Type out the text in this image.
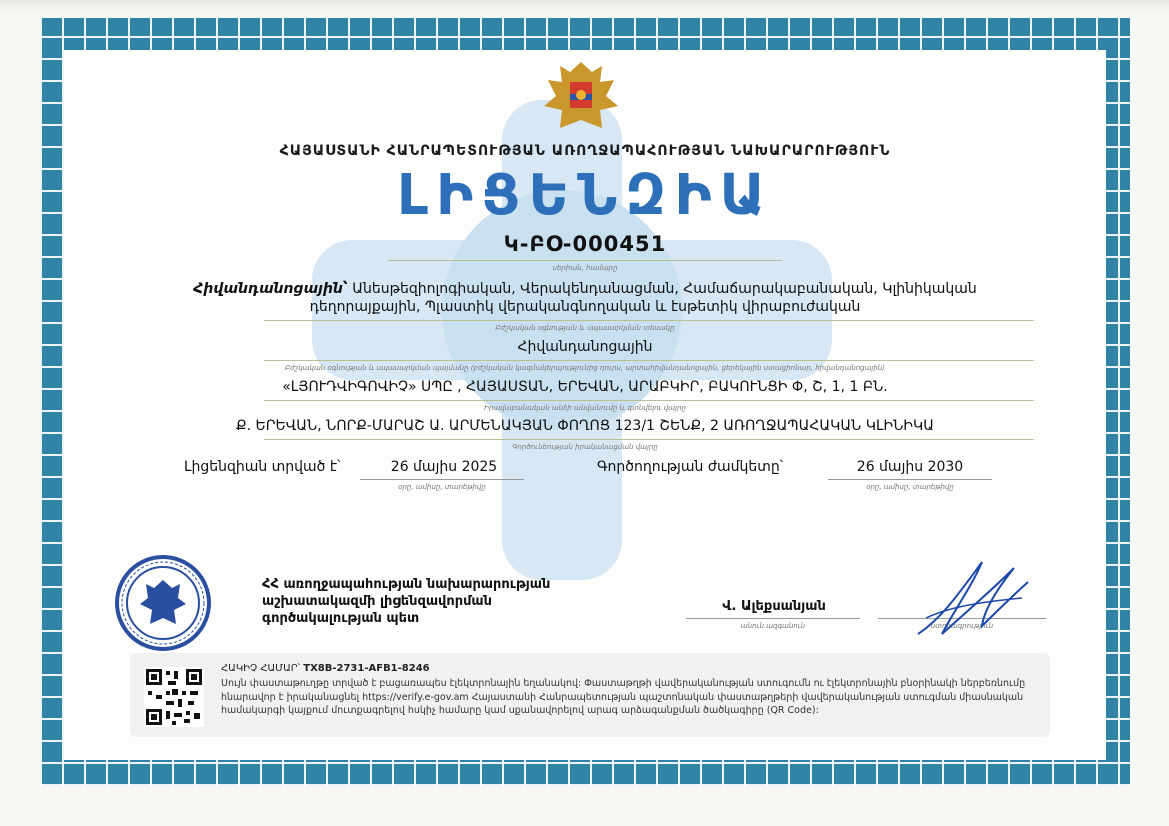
ՀԱՅԱՍՏԱՆԻ ՀԱՆՐԱՊԵՏՈՒԹՅԱՆ ԱՌՈՂՋԱՊԱՀՈՒԹՅԱՆ ՆԱԽԱՐԱՐՈՒԹՅՈՒՆ
ԼԻՑԵՆԶԻԱ
Կ-ԲՕ-000451
սերիան, համարը
Հիվանդանոցային՝ Անեսթեզիոլոգիական, Վերակենդանացման, Համաճարակաբանական, Կլինիկական
դեղորայքային, Պլաստիկ վերականգնողական և էսթետիկ վիրաբուժական
Բժշկական օգնության և սպասարկման տեսակը
Հիվանդանոցային
Բժշկական օգնության և սպասարկման պայմանը (բժշկական կազմակերպությունից դուրս, արտահիվանդանոցային, ցերեկային ստացիոնար, հիվանդանոցային)
«ԼՅՈՒԴՎԻԳՈՎԻՉ» ՍՊԸ , ՀԱՅԱՍՏԱՆ, ԵՐԵՎԱՆ, ԱՐԱԲԿԻՐ, ԲԱԿՈՒՆՑԻ Փ, Շ, 1, 1 ԲՆ.
Իրավաբանական անձի անվանումը և գտնվելու վայրը
Ք. ԵՐԵՎԱՆ, ՆՈՐՔ-ՄԱՐԱՇ Ա. ԱՐՄԵՆԱԿՅԱՆ ՓՈՂՈՑ 123/1 ՇԵՆՔ, 2 ԱՌՈՂՋԱՊԱՀԱԿԱՆ ԿԼԻՆԻԿԱ
Գործունեության իրականացման վայրը
Լիցենզիան տրված է՝	26 մայիս 2025
օրը, ամիսը, տարեթիվը
Գործողության ժամկետը՝	26 մայիս 2030
օրը, ամիսը, տարեթիվը
ՀՀ առողջապահության նախարարության
աշխատակազմի լիցենզավորման
գործակալության պետ
Վ. Ալեքսանյան
անուն ազգանուն	ստորագրություն
ՀԱԿԻՉ ՀԱՄԱՐ՝ TX8B-2731-AFB1-8246
Սույն փաստաթուղթը տրված է բացառապես էլեկտրոնային եղանակով: Փաստաթղթի վավերականության ստուգումն ու էլեկտրոնային բնօրինակի ներբեռնումը հնարավոր է իրականացնել https://verify.e-gov.am Հայաստանի Հանրապետության պաշտոնական փաստաթղթերի վավերականության ստուգման միասնական համակարգի կայքում մուտքագրելով հսկիչ համարը կամ սքանավորելով արագ արձագանքման ծածկագիրը (QR Code):
